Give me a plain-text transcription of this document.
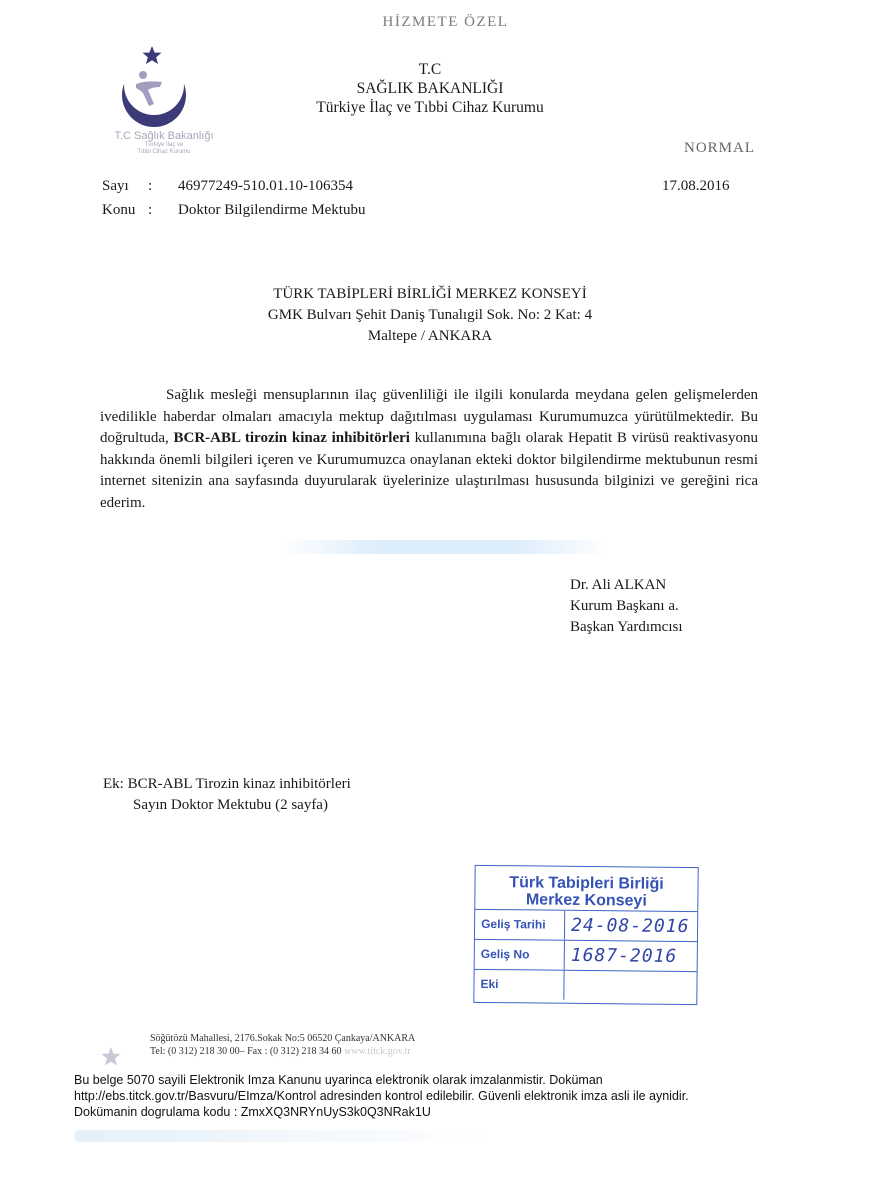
HİZMETE ÖZEL
T.C Sağlık Bakanlığı
Türkiye İlaç ve
Tıbbi Cihaz Kurumu
T.C
SAĞLIK BAKANLIĞI
Türkiye İlaç ve Tıbbi Cihaz Kurumu
NORMAL
17.08.2016
Sayı : 46977249-510.01.10-106354
Konu : Doktor Bilgilendirme Mektubu
TÜRK TABİPLERİ BİRLİĞİ MERKEZ KONSEYİ
GMK Bulvarı Şehit Daniş Tunalıgil Sok. No: 2 Kat: 4
Maltepe / ANKARA

Sağlık mesleği mensuplarının ilaç güvenliliği ile ilgili konularda meydana gelen gelişmelerden ivedilikle haberdar olmaları amacıyla mektup dağıtılması uygulaması Kurumumuzca yürütülmektedir. Bu doğrultuda, BCR-ABL tirozin kinaz inhibitörleri kullanımına bağlı olarak Hepatit B virüsü reaktivasyonu hakkında önemli bilgileri içeren ve Kurumumuzca onaylanan ekteki doktor bilgilendirme mektubunun resmi internet sitenizin ana sayfasında duyurularak üyelerinize ulaştırılması hususunda bilginizi ve gereğini rica ederim.

Dr. Ali ALKAN
Kurum Başkanı a.
Başkan Yardımcısı
Ek: BCR-ABL Tirozin kinaz inhibitörleri
Sayın Doktor Mektubu (2 sayfa)
Türk Tabipleri Birliği
Merkez Konseyi
Geliş Tarihi	24-08-2016
Geliş No	1687-2016
Eki
Söğütözü Mahallesi, 2176.Sokak No:5 06520 Çankaya/ANKARA
Tel: (0 312) 218 30 00– Fax : (0 312) 218 34 60 www.titck.gov.tr
Bu belge 5070 sayili Elektronik Imza Kanunu uyarinca elektronik olarak imzalanmistir. Doküman
http://ebs.titck.gov.tr/Basvuru/EImza/Kontrol adresinden kontrol edilebilir. Güvenli elektronik imza asli ile aynidir.
Dokümanin dogrulama kodu : ZmxXQ3NRYnUyS3k0Q3NRak1U
